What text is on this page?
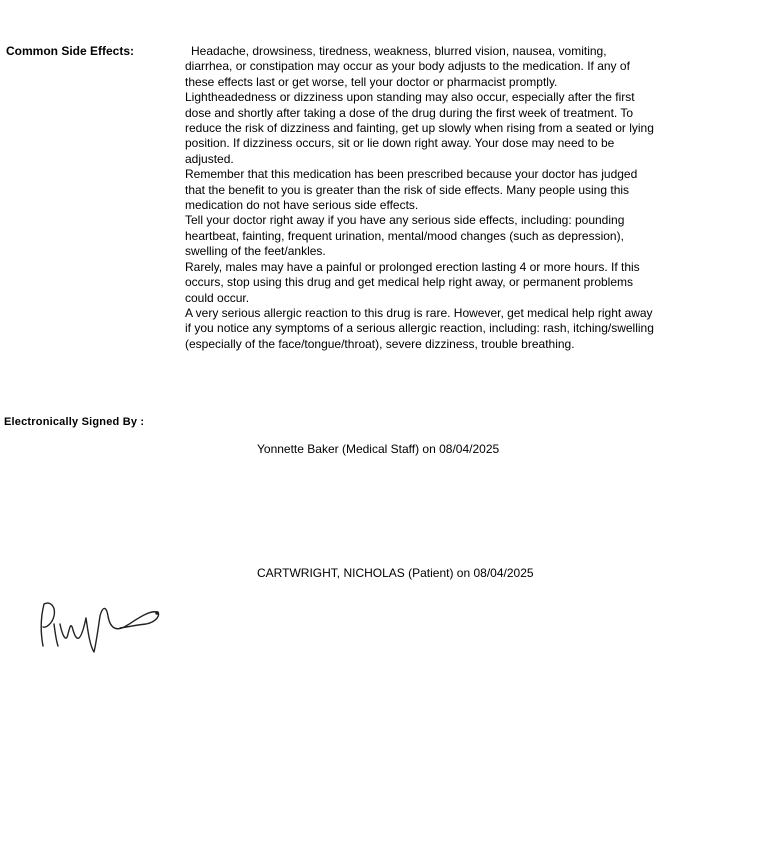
Common Side Effects:	Headache, drowsiness, tiredness, weakness, blurred vision, nausea, vomiting, diarrhea, or constipation may occur as your body adjusts to the medication. If any of these effects last or get worse, tell your doctor or pharmacist promptly.

Lightheadedness or dizziness upon standing may also occur, especially after the first dose and shortly after taking a dose of the drug during the first week of treatment. To reduce the risk of dizziness and fainting, get up slowly when rising from a seated or lying position. If dizziness occurs, sit or lie down right away. Your dose may need to be adjusted.

Remember that this medication has been prescribed because your doctor has judged that the benefit to you is greater than the risk of side effects. Many people using this medication do not have serious side effects.

Tell your doctor right away if you have any serious side effects, including: pounding heartbeat, fainting, frequent urination, mental/mood changes (such as depression), swelling of the feet/ankles.

Rarely, males may have a painful or prolonged erection lasting 4 or more hours. If this occurs, stop using this drug and get medical help right away, or permanent problems could occur.

A very serious allergic reaction to this drug is rare. However, get medical help right away if you notice any symptoms of a serious allergic reaction, including: rash, itching/swelling (especially of the face/tongue/throat), severe dizziness, trouble breathing.

Electronically Signed By :
Yonnette Baker (Medical Staff) on 08/04/2025
CARTWRIGHT, NICHOLAS (Patient) on 08/04/2025
